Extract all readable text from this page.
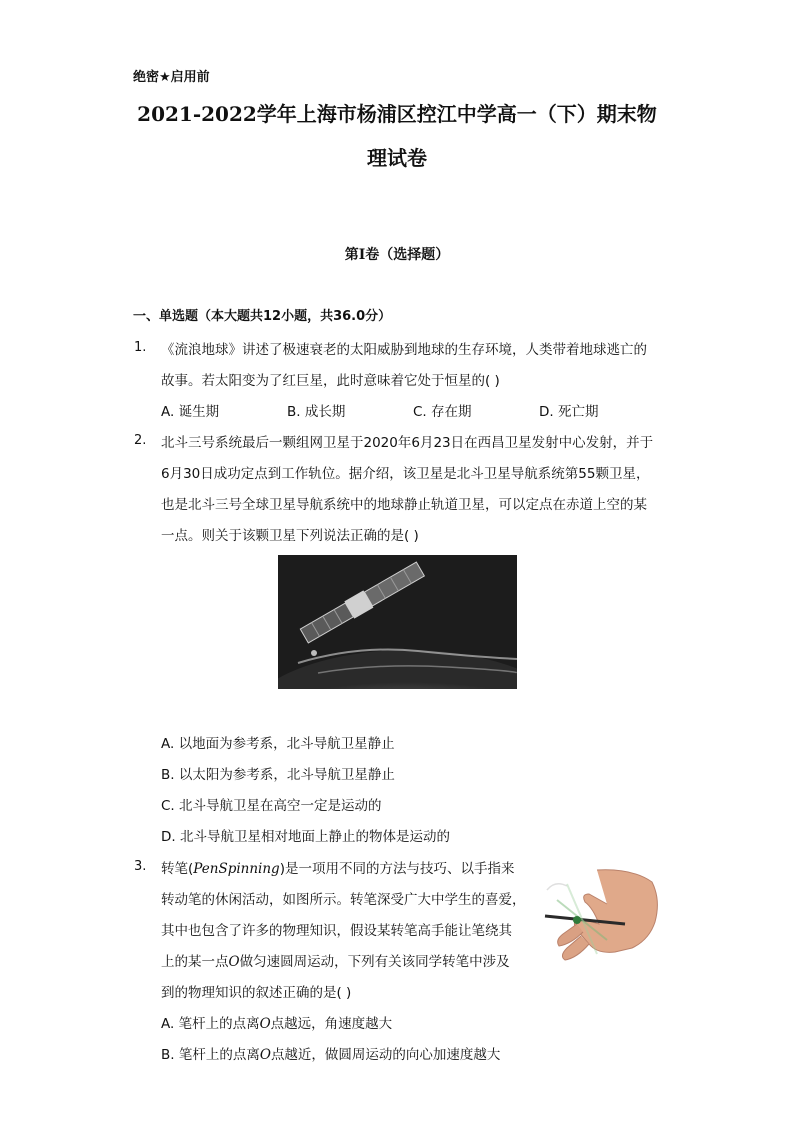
绝密★启用前
2021-2022学年上海市杨浦区控江中学高一（下）期末物
理试卷
第I卷（选择题）
一、单选题（本大题共12小题，共36.0分）
1. 《流浪地球》讲述了极速衰老的太阳威胁到地球的生存环境，人类带着地球逃亡的
故事。若太阳变为了红巨星，此时意味着它处于恒星的( )
A. 诞生期	B. 成长期	C. 存在期	D. 死亡期
2. 北斗三号系统最后一颗组网卫星于2020年6月23日在西昌卫星发射中心发射，并于
6月30日成功定点到工作轨位。据介绍，该卫星是北斗卫星导航系统第55颗卫星，
也是北斗三号全球卫星导航系统中的地球静止轨道卫星，可以定点在赤道上空的某
一点。则关于该颗卫星下列说法正确的是( )
A. 以地面为参考系，北斗导航卫星静止
B. 以太阳为参考系，北斗导航卫星静止
C. 北斗导航卫星在高空一定是运动的
D. 北斗导航卫星相对地面上静止的物体是运动的
3. 转笔(PenSpinning)是一项用不同的方法与技巧、以手指来
转动笔的休闲活动，如图所示。转笔深受广大中学生的喜爱，
其中也包含了许多的物理知识，假设某转笔高手能让笔绕其
上的某一点O做匀速圆周运动，下列有关该同学转笔中涉及
到的物理知识的叙述正确的是( )
A. 笔杆上的点离O点越远，角速度越大
B. 笔杆上的点离O点越近，做圆周运动的向心加速度越大
